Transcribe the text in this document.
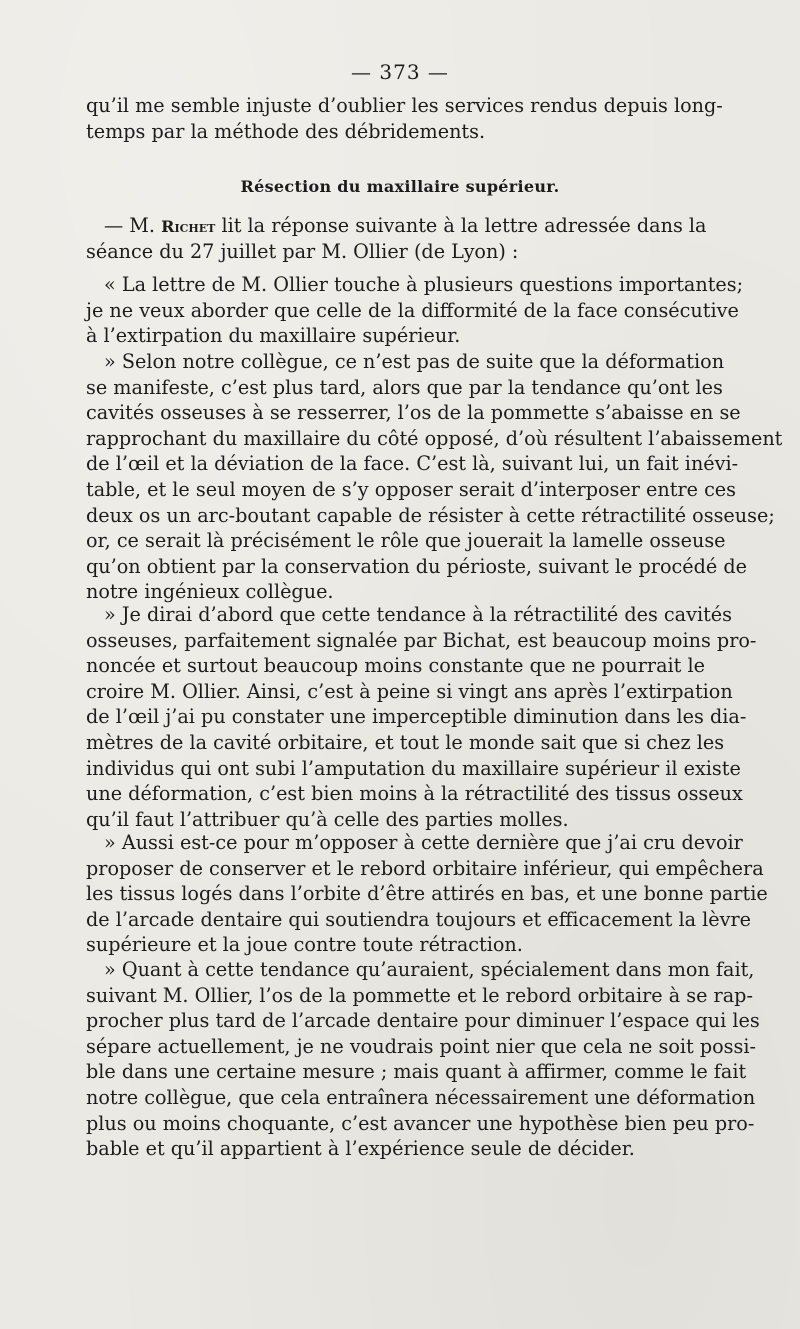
— 373 —
qu’il me semble injuste d’oublier les services rendus depuis long-
temps par la méthode des débridements.
Résection du maxillaire supérieur.
— M. Richet lit la réponse suivante à la lettre adressée dans la
séance du 27 juillet par M. Ollier (de Lyon) :
« La lettre de M. Ollier touche à plusieurs questions importantes;
je ne veux aborder que celle de la difformité de la face consécutive
à l’extirpation du maxillaire supérieur.
» Selon notre collègue, ce n’est pas de suite que la déformation
se manifeste, c’est plus tard, alors que par la tendance qu’ont les
cavités osseuses à se resserrer, l’os de la pommette s’abaisse en se
rapprochant du maxillaire du côté opposé, d’où résultent l’abaissement
de l’œil et la déviation de la face. C’est là, suivant lui, un fait inévi-
table, et le seul moyen de s’y opposer serait d’interposer entre ces
deux os un arc-boutant capable de résister à cette rétractilité osseuse;
or, ce serait là précisément le rôle que jouerait la lamelle osseuse
qu’on obtient par la conservation du périoste, suivant le procédé de
notre ingénieux collègue.
» Je dirai d’abord que cette tendance à la rétractilité des cavités
osseuses, parfaitement signalée par Bichat, est beaucoup moins pro-
noncée et surtout beaucoup moins constante que ne pourrait le
croire M. Ollier. Ainsi, c’est à peine si vingt ans après l’extirpation
de l’œil j’ai pu constater une imperceptible diminution dans les dia-
mètres de la cavité orbitaire, et tout le monde sait que si chez les
individus qui ont subi l’amputation du maxillaire supérieur il existe
une déformation, c’est bien moins à la rétractilité des tissus osseux
qu’il faut l’attribuer qu’à celle des parties molles.
» Aussi est-ce pour m’opposer à cette dernière que j’ai cru devoir
proposer de conserver et le rebord orbitaire inférieur, qui empêchera
les tissus logés dans l’orbite d’être attirés en bas, et une bonne partie
de l’arcade dentaire qui soutiendra toujours et efficacement la lèvre
supérieure et la joue contre toute rétraction.
» Quant à cette tendance qu’auraient, spécialement dans mon fait,
suivant M. Ollier, l’os de la pommette et le rebord orbitaire à se rap-
procher plus tard de l’arcade dentaire pour diminuer l’espace qui les
sépare actuellement, je ne voudrais point nier que cela ne soit possi-
ble dans une certaine mesure ; mais quant à affirmer, comme le fait
notre collègue, que cela entraînera nécessairement une déformation
plus ou moins choquante, c’est avancer une hypothèse bien peu pro-
bable et qu’il appartient à l’expérience seule de décider.
